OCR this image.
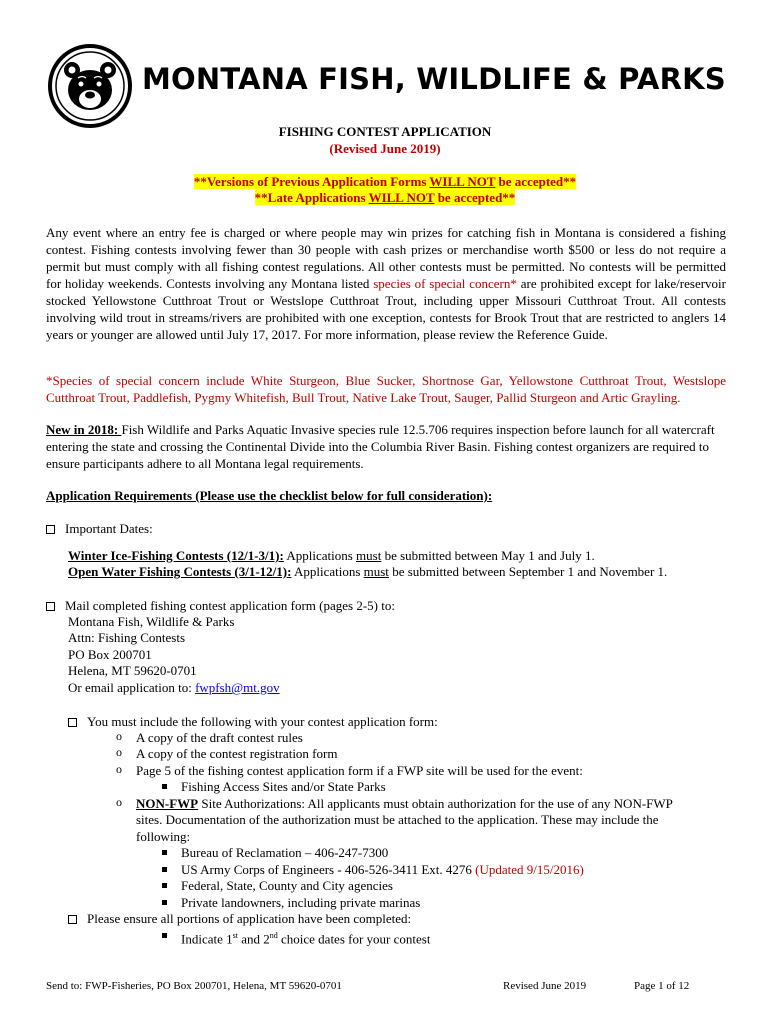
MONTANA FISH, WILDLIFE & PARKS
FISHING CONTEST APPLICATION
(Revised June 2019)
**Versions of Previous Application Forms WILL NOT be accepted**
**Late Applications WILL NOT be accepted**
Any event where an entry fee is charged or where people may win prizes for catching fish in Montana is considered a fishing contest. Fishing contests involving fewer than 30 people with cash prizes or merchandise worth $500 or less do not require a permit but must comply with all fishing contest regulations. All other contests must be permitted. No contests will be permitted for holiday weekends. Contests involving any Montana listed species of special concern* are prohibited except for lake/reservoir stocked Yellowstone Cutthroat Trout or Westslope Cutthroat Trout, including upper Missouri Cutthroat Trout. All contests involving wild trout in streams/rivers are prohibited with one exception, contests for Brook Trout that are restricted to anglers 14 years or younger are allowed until July 17, 2017. For more information, please review the Reference Guide.
*Species of special concern include White Sturgeon, Blue Sucker, Shortnose Gar, Yellowstone Cutthroat Trout, Westslope Cutthroat Trout, Paddlefish, Pygmy Whitefish, Bull Trout, Native Lake Trout, Sauger, Pallid Sturgeon and Artic Grayling.
New in 2018: Fish Wildlife and Parks Aquatic Invasive species rule 12.5.706 requires inspection before launch for all watercraft entering the state and crossing the Continental Divide into the Columbia River Basin. Fishing contest organizers are required to ensure participants adhere to all Montana legal requirements.
Application Requirements (Please use the checklist below for full consideration):
Important Dates:
Winter Ice-Fishing Contests (12/1-3/1): Applications must be submitted between May 1 and July 1.
Open Water Fishing Contests (3/1-12/1): Applications must be submitted between September 1 and November 1.
Mail completed fishing contest application form (pages 2-5) to:
Montana Fish, Wildlife & Parks
Attn: Fishing Contests
PO Box 200701
Helena, MT 59620-0701
Or email application to: fwpfsh@mt.gov
You must include the following with your contest application form:
o A copy of the draft contest rules
o A copy of the contest registration form
o Page 5 of the fishing contest application form if a FWP site will be used for the event:
Fishing Access Sites and/or State Parks
o NON-FWP Site Authorizations: All applicants must obtain authorization for the use of any NON-FWP
sites. Documentation of the authorization must be attached to the application. These may include the
following:
Bureau of Reclamation – 406-247-7300
US Army Corps of Engineers - 406-526-3411 Ext. 4276 (Updated 9/15/2016)
Federal, State, County and City agencies
Private landowners, including private marinas
Please ensure all portions of application have been completed:
Indicate 1st and 2nd choice dates for your contest
Send to: FWP-Fisheries, PO Box 200701, Helena, MT 59620-0701	Revised June 2019	Page 1 of 12
